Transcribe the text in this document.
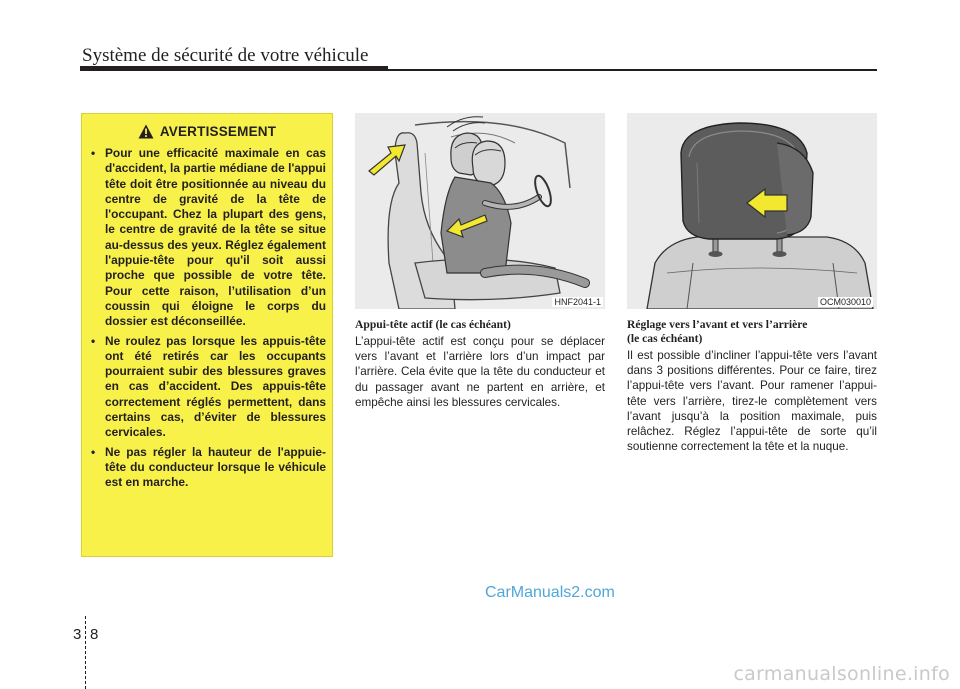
Système de sécurité de votre véhicule
AVERTISSEMENT
• Pour une efficacité maximale en cas d'accident, la partie médiane de l'appui tête doit être positionnée au niveau du centre de gravité de la tête de l'occupant. Chez la plupart des gens, le centre de gravité de la tête se situe au-dessus des yeux. Réglez également l'appuie-tête pour qu'il soit aussi proche que possible de votre tête. Pour cette raison, l’utilisation d’un coussin qui éloigne le corps du dossier est déconseillée.
• Ne roulez pas lorsque les appuis-tête ont été retirés car les occupants pourraient subir des blessures graves en cas d’accident. Des appuis-tête correctement réglés permettent, dans certains cas, d’éviter de blessures cervicales.
• Ne pas régler la hauteur de l'appuie-tête du conducteur lorsque le véhicule est en marche.
HNF2041-1	OCM030010
Appui-tête actif (le cas échéant)
L’appui-tête actif est conçu pour se déplacer vers l’avant et l’arrière lors d’un impact par l’arrière. Cela évite que la tête du conducteur et du passager avant ne partent en arrière, et empêche ainsi les blessures cervicales.
Réglage vers l’avant et vers l’arrière
(le cas échéant)
Il est possible d’incliner l’appui-tête vers l’avant dans 3 positions différentes. Pour ce faire, tirez l’appui-tête vers l’avant. Pour ramener l’appui-tête vers l’arrière, tirez-le complètement vers l’avant jusqu’à la position maximale, puis relâchez. Réglez l’appui-tête de sorte qu’il soutienne correctement la tête et la nuque.
CarManuals2.com
3 8
carmanualsonline.info
